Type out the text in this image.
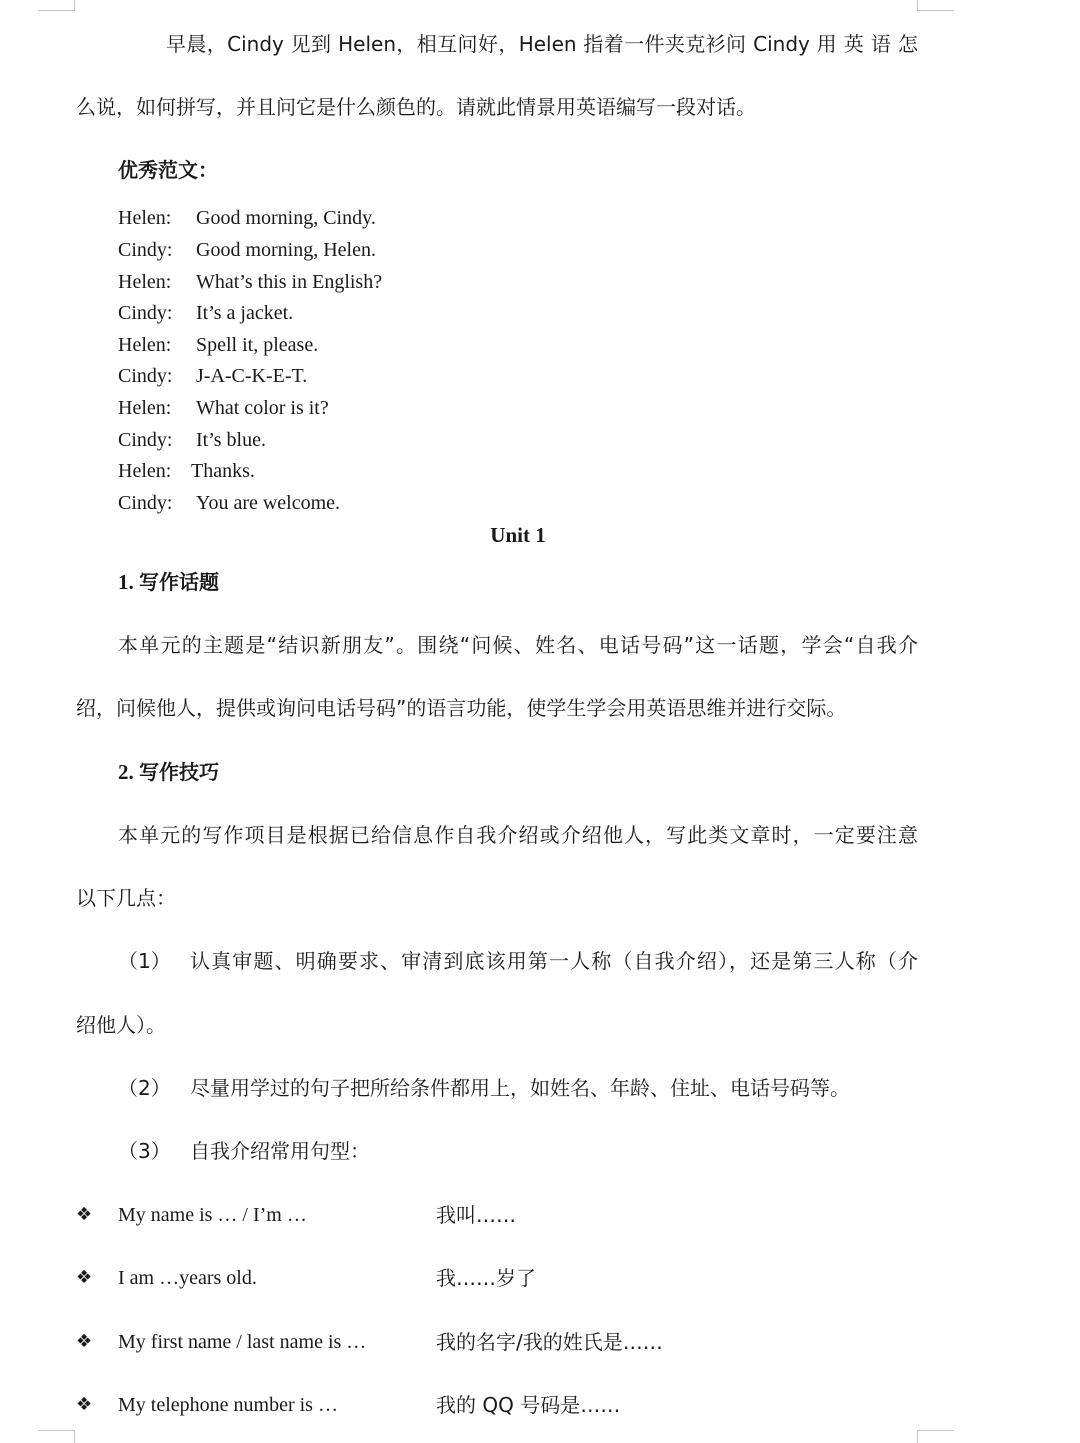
早晨，Cindy 见到 Helen，相互问好，Helen 指着一件夹克衫问 Cindy 用 英 语 怎
么说，如何拼写，并且问它是什么颜色的。请就此情景用英语编写一段对话。
优秀范文：
Helen: Good morning, Cindy.
Cindy: Good morning, Helen.
Helen: What’s this in English?
Cindy: It’s a jacket.
Helen: Spell it, please.
Cindy: J-A-C-K-E-T.
Helen: What color is it?
Cindy: It’s blue.
Helen: Thanks.
Cindy: You are welcome.
Unit 1
1. 写作话题
本单元的主题是“结识新朋友”。围绕“问候、姓名、电话号码”这一话题，学会“自我介
绍，问候他人，提供或询问电话号码”的语言功能，使学生学会用英语思维并进行交际。
2. 写作技巧
本单元的写作项目是根据已给信息作自我介绍或介绍他人，写此类文章时，一定要注意
以下几点：
（1） 认真审题、明确要求、审清到底该用第一人称（自我介绍），还是第三人称（介
绍他人）。
（2） 尽量用学过的句子把所给条件都用上，如姓名、年龄、住址、电话号码等。
（3） 自我介绍常用句型：
❖ My name is … / I’m …	我叫……
❖ I am …years old.	我……岁了
❖ My first name / last name is …	我的名字/我的姓氏是……
❖ My telephone number is …	我的 QQ 号码是……
